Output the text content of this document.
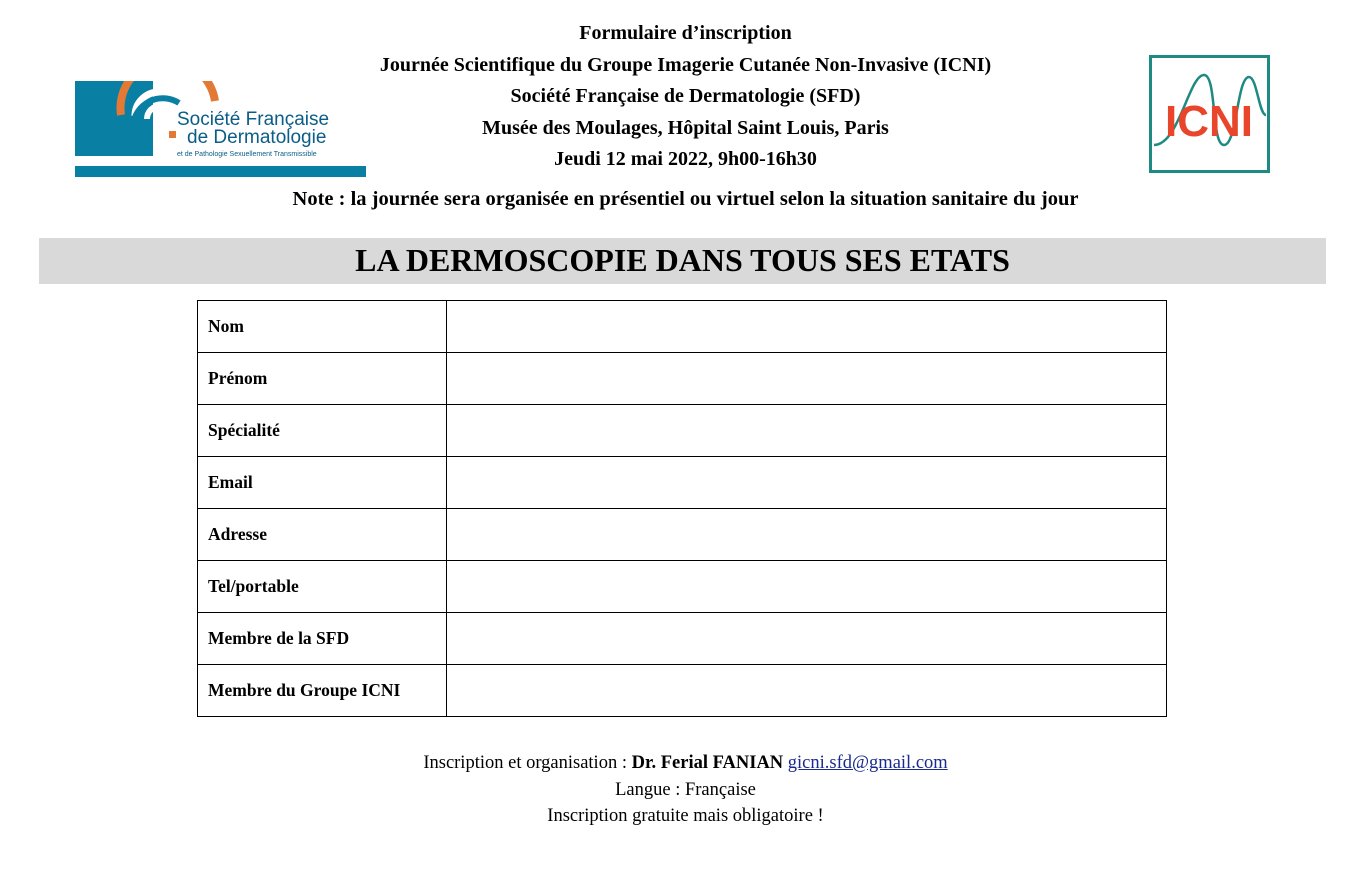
Formulaire d’inscription
Journée Scientifique du Groupe Imagerie Cutanée Non-Invasive (ICNI)
Société Française de Dermatologie (SFD)
Musée des Moulages, Hôpital Saint Louis, Paris
Jeudi 12 mai 2022, 9h00-16h30
Société Française
de Dermatologie
et de Pathologie Sexuellement Transmissible
ICNI
Note : la journée sera organisée en présentiel ou virtuel selon la situation sanitaire du jour
LA DERMOSCOPIE DANS TOUS SES ETATS
Nom	
Prénom	
Spécialité	
Email	
Adresse	
Tel/portable	
Membre de la SFD	
Membre du Groupe ICNI	
Inscription et organisation : Dr. Ferial FANIAN gicni.sfd@gmail.com
Langue : Française
Inscription gratuite mais obligatoire !
